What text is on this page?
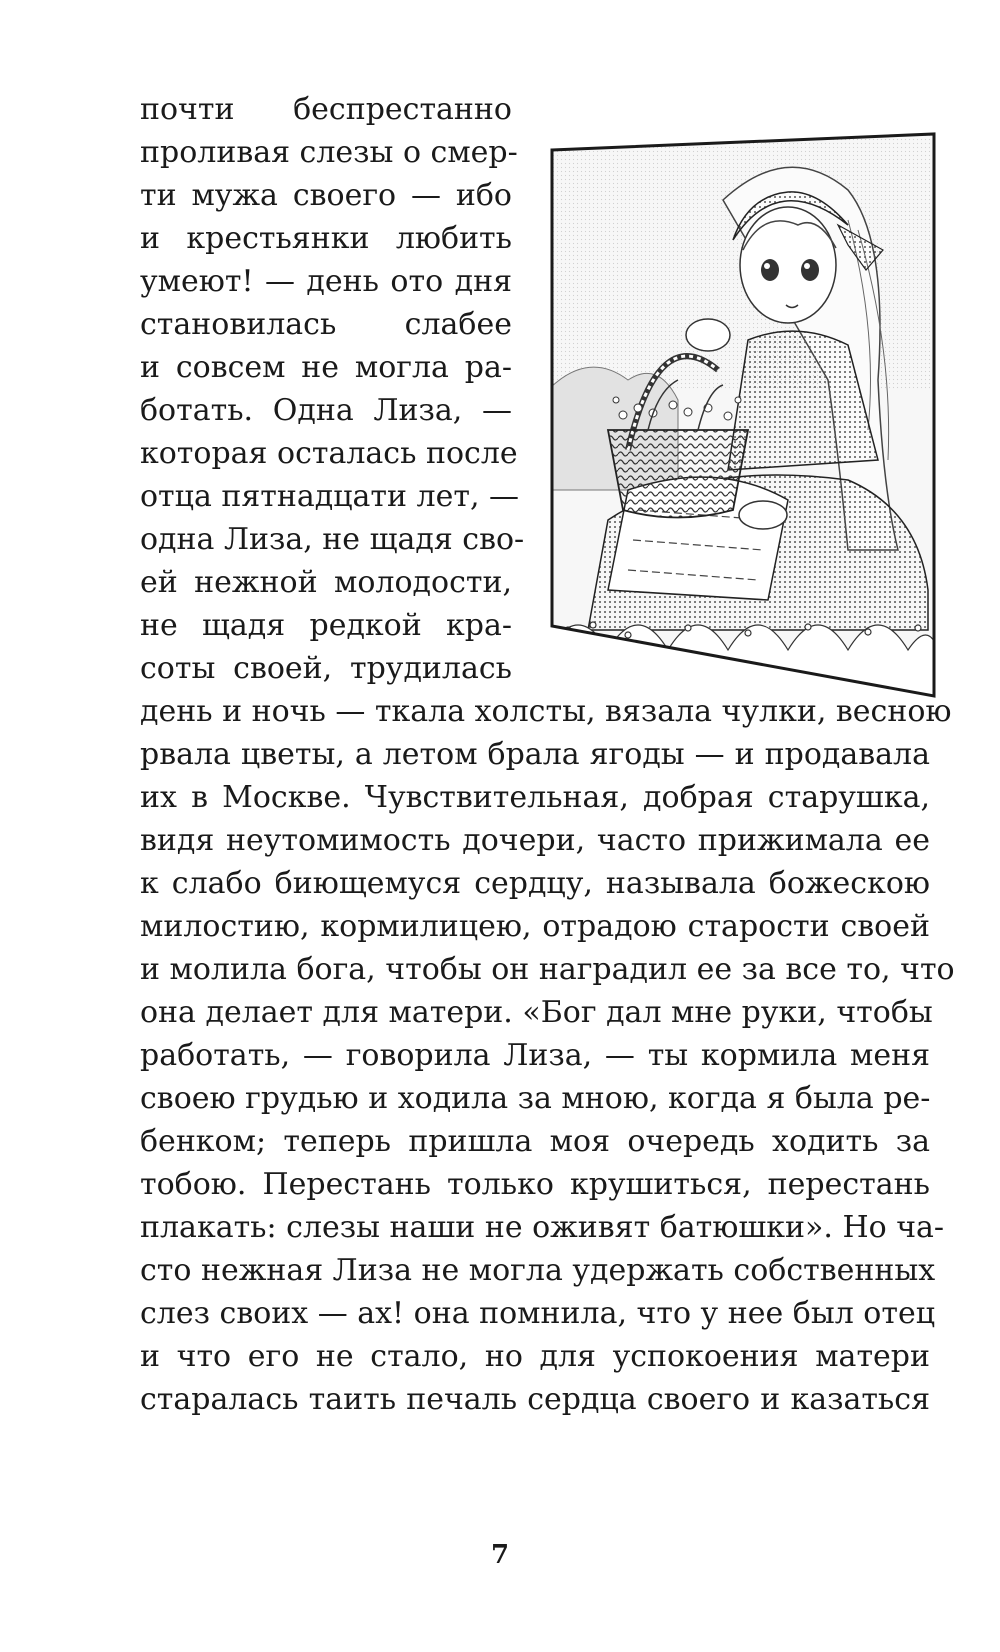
почти беспрестанно
проливая слезы о смер-
ти мужа своего — ибо
и крестьянки любить
умеют! — день ото дня
становилась слабее
и совсем не могла ра-
ботать. Одна Лиза, —
которая осталась после
отца пятнадцати лет, —
одна Лиза, не щадя сво-
ей нежной молодости,
не щадя редкой кра-
соты своей, трудилась
день и ночь — ткала холсты, вязала чулки, весною
рвала цветы, а летом брала ягоды — и продавала
их в Москве. Чувствительная, добрая старушка,
видя неутомимость дочери, часто прижимала ее
к слабо биющемуся сердцу, называла божескою
милостию, кормилицею, отрадою старости своей
и молила бога, чтобы он наградил ее за все то, что
она делает для матери. «Бог дал мне руки, чтобы
работать, — говорила Лиза, — ты кормила меня
своею грудью и ходила за мною, когда я была ре-
бенком; теперь пришла моя очередь ходить за
тобою. Перестань только крушиться, перестань
плакать: слезы наши не оживят батюшки». Но ча-
сто нежная Лиза не могла удержать собственных
слез своих — ах! она помнила, что у нее был отец
и что его не стало, но для успокоения матери
старалась таить печаль сердца своего и казаться
7
